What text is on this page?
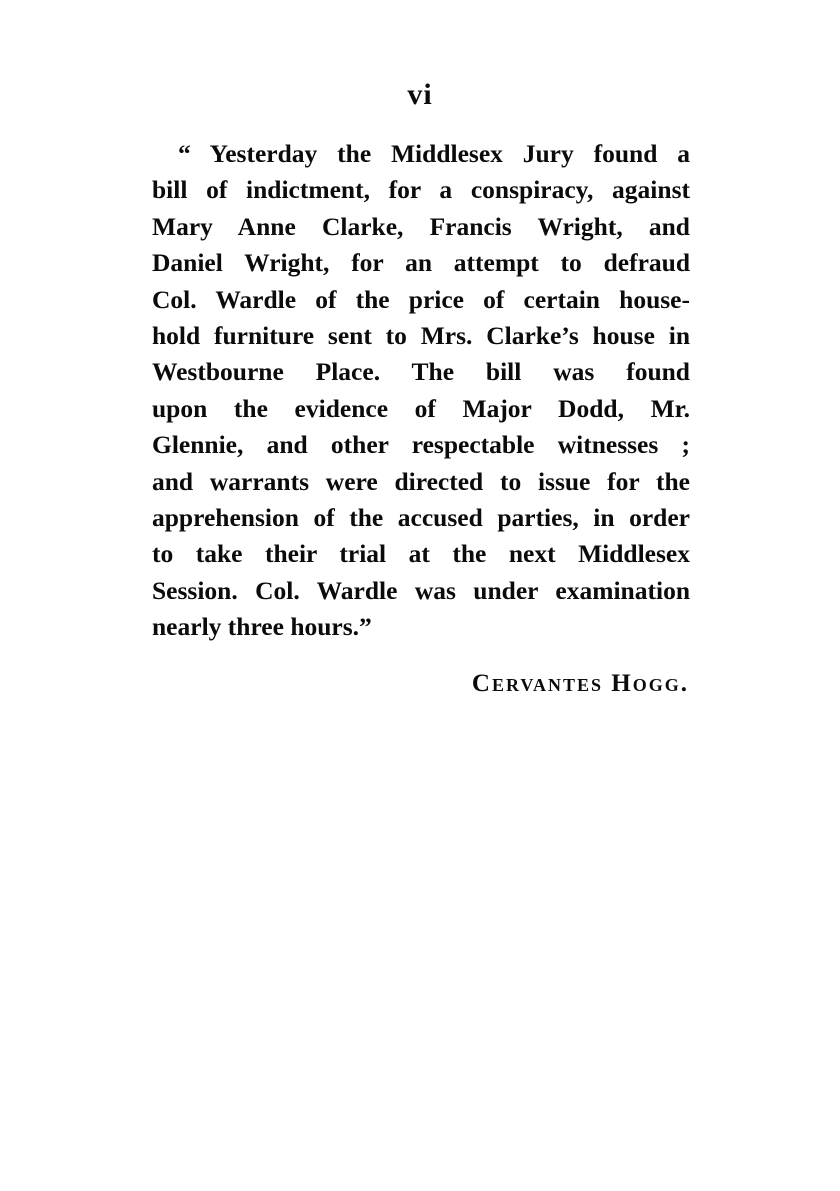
vi
“ Yesterday the Middlesex Jury found a
bill of indictment, for a conspiracy, against
Mary Anne Clarke, Francis Wright, and
Daniel Wright, for an attempt to defraud
Col. Wardle of the price of certain house-
hold furniture sent to Mrs. Clarke’s house in
Westbourne Place. The bill was found
upon the evidence of Major Dodd, Mr.
Glennie, and other respectable witnesses ;
and warrants were directed to issue for the
apprehension of the accused parties, in order
to take their trial at the next Middlesex
Session. Col. Wardle was under examination
nearly three hours.”
Cervantes Hogg.
